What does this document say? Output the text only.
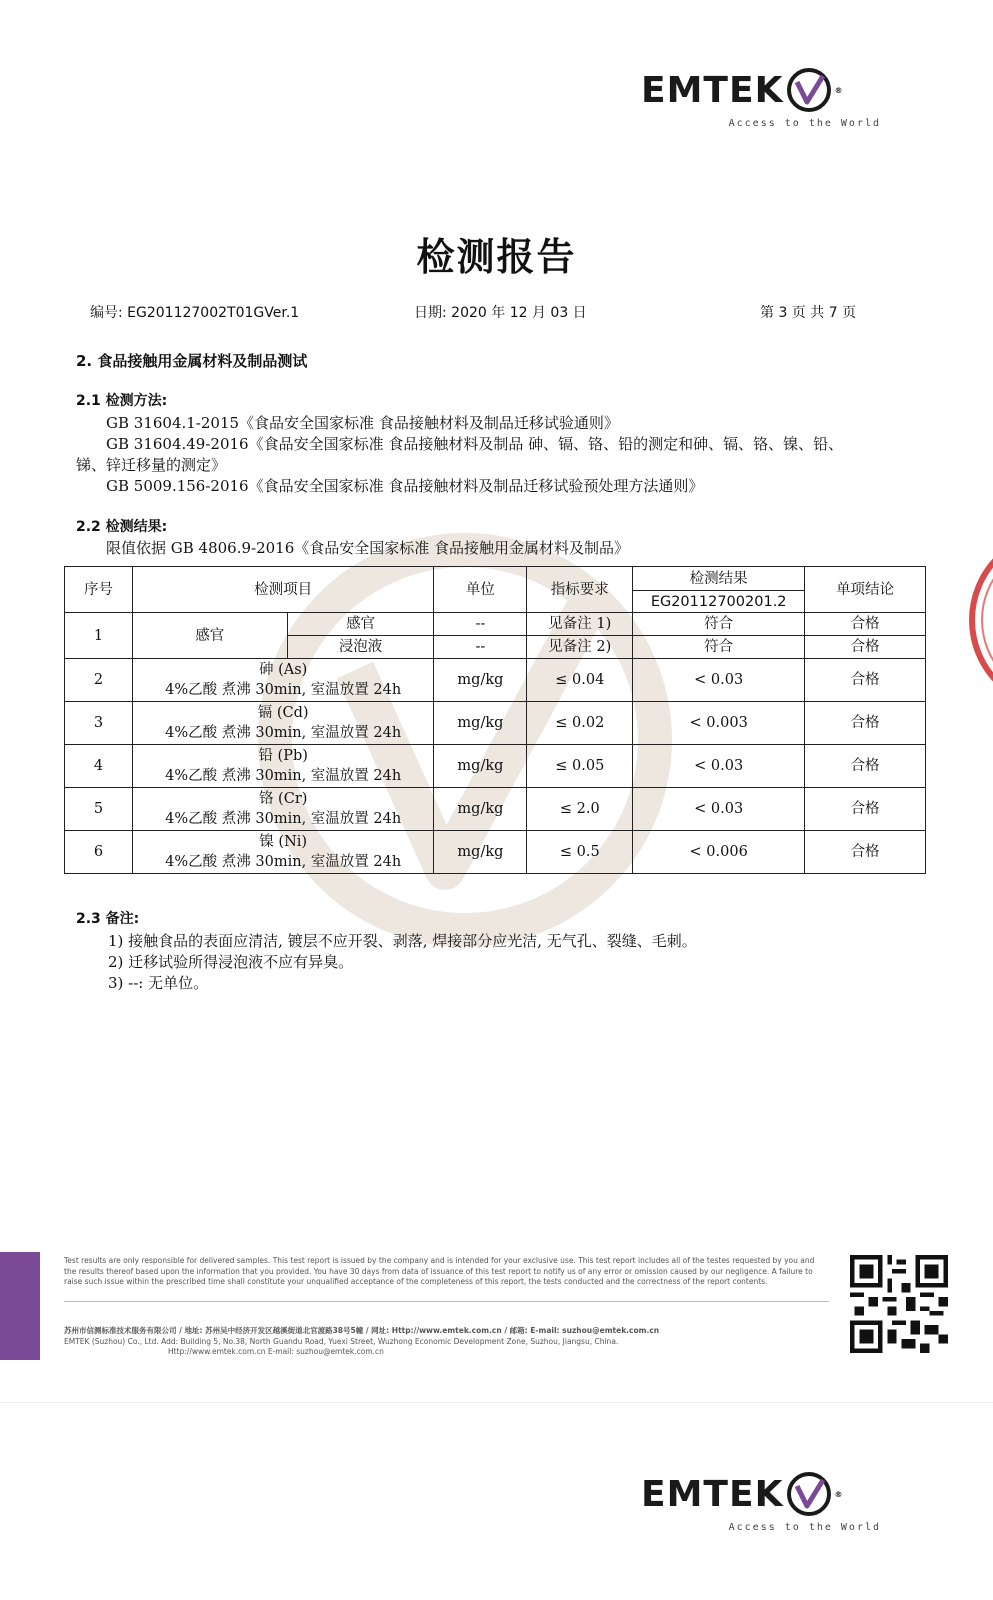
EMTEK	®
Access to the World
检测报告
编号: EG201127002T01GVer.1	日期: 2020 年 12 月 03 日	第 3 页 共 7 页
2. 食品接触用金属材料及制品测试
2.1 检测方法:
GB 31604.1-2015《食品安全国家标准 食品接触材料及制品迁移试验通则》
GB 31604.49-2016《食品安全国家标准 食品接触材料及制品 砷、镉、铬、铅的测定和砷、镉、铬、镍、铅、
锑、锌迁移量的测定》
GB 5009.156-2016《食品安全国家标准 食品接触材料及制品迁移试验预处理方法通则》
2.2 检测结果:
限值依据 GB 4806.9-2016《食品安全国家标准 食品接触用金属材料及制品》
序号	检测项目		单位	指标要求	检测结果	单项结论
					EG20112700201.2	
1	感官	感官	--	见备注 1)	符合	合格
		浸泡液	--	见备注 2)	符合	合格
2	砷 (As)
4%乙酸 煮沸 30min, 室温放置 24h		mg/kg	≤ 0.04	< 0.03	合格
3	镉 (Cd)
4%乙酸 煮沸 30min, 室温放置 24h		mg/kg	≤ 0.02	< 0.003	合格
4	铅 (Pb)
4%乙酸 煮沸 30min, 室温放置 24h		mg/kg	≤ 0.05	< 0.03	合格
5	铬 (Cr)
4%乙酸 煮沸 30min, 室温放置 24h		mg/kg	≤ 2.0	< 0.03	合格
6	镍 (Ni)
4%乙酸 煮沸 30min, 室温放置 24h		mg/kg	≤ 0.5	< 0.006	合格
2.3 备注:
1) 接触食品的表面应清洁, 镀层不应开裂、剥落, 焊接部分应光洁, 无气孔、裂缝、毛刺。
2) 迁移试验所得浸泡液不应有异臭。
3) --: 无单位。
Test results are only responsible for delivered samples. This test report is issued by the company and is intended for your exclusive use. This test report includes all of the testes requested by you and the results thereof based upon the information that you provided. You have 30 days from data of issuance of this test report to notify us of any error or omission caused by our negligence. A failure to raise such issue within the prescribed time shall constitute your unqualified acceptance of the completeness of this report, the tests conducted and the correctness of the report contents.
苏州市信测标准技术服务有限公司 / 地址: 苏州吴中经济开发区越溪街道北官渡路38号5幢 / 网址: Http://www.emtek.com.cn / 邮箱: E-mail: suzhou@emtek.com.cn
EMTEK (Suzhou) Co., Ltd. Add: Building 5, No.38, North Guandu Road, Yuexi Street, Wuzhong Economic Development Zone, Suzhou, Jiangsu, China.
Http://www.emtek.com.cn E-mail: suzhou@emtek.com.cn
EMTEK	®
Access to the World
